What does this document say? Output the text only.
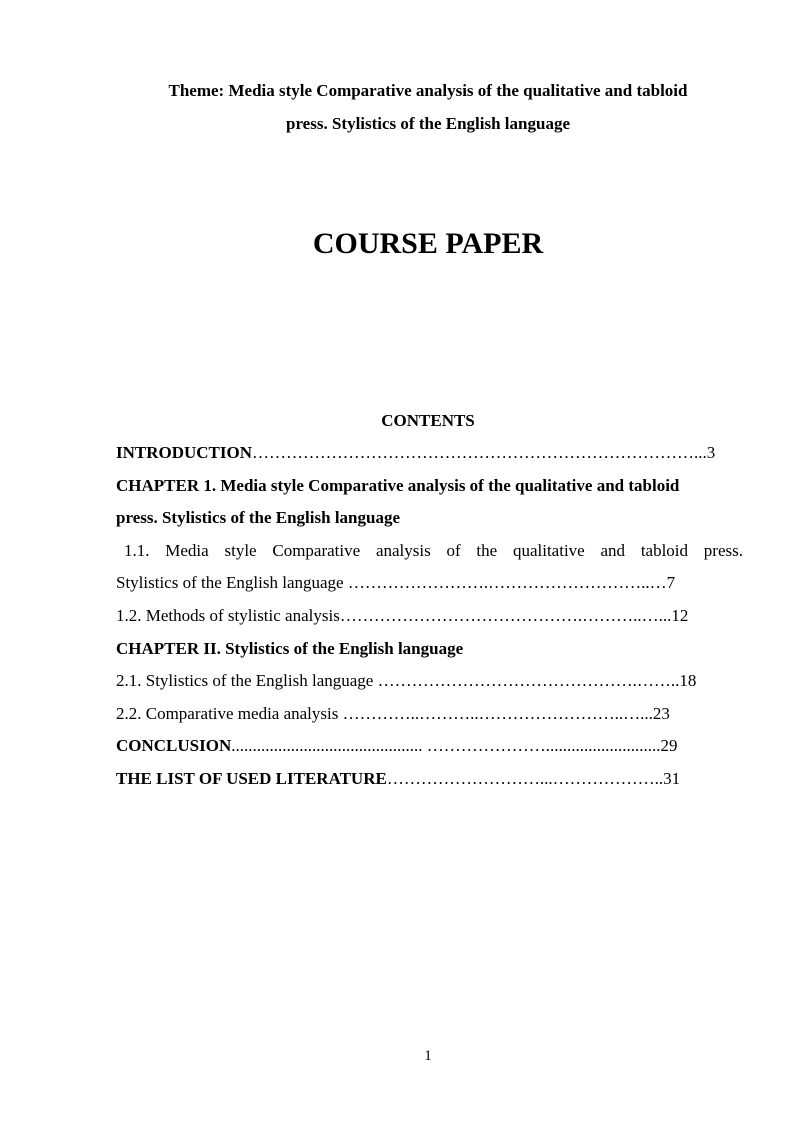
Theme: Media style Comparative analysis of the qualitative and tabloid
press. Stylistics of the English language
COURSE PAPER
CONTENTS
INTRODUCTION……………………………………………………………………...3
CHAPTER 1. Media style Comparative analysis of the qualitative and tabloid
press. Stylistics of the English language
1.1. Media style Comparative analysis of the qualitative and tabloid press.
Stylistics of the English language …………………….………………………..…7
1.2. Methods of stylistic analysis…………………………………….………..…...12
CHAPTER II. Stylistics of the English language
2.1. Stylistics of the English language ……………………………………….……..18
2.2. Comparative media analysis …………..………..……………………..…...23
CONCLUSION............................................. …………………...........................29
THE LIST OF USED LITERATURE………………………...………………..31
1
